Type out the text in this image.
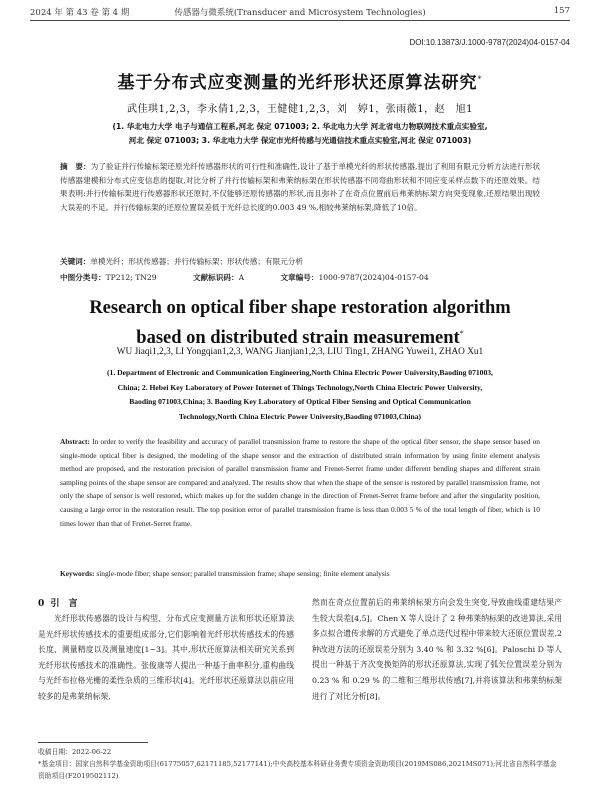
2024 年 第 43 卷 第 4 期	传感器与微系统(Transducer and Microsystem Technologies)	157
DOI:10.13873/J.1000-9787(2024)04-0157-04
基于分布式应变测量的光纤形状还原算法研究*
武佳琪1,2,3，李永倩1,2,3，王健健1,2,3，刘　婷1，张雨薇1，赵　旭1
(1. 华北电力大学 电子与通信工程系,河北 保定 071003; 2. 华北电力大学 河北省电力物联网技术重点实验室,
河北 保定 071003; 3. 华北电力大学 保定市光纤传感与光通信技术重点实验室,河北 保定 071003)
摘　要：为了验证并行传输标架还原光纤传感器形状的可行性和准确性,设计了基于单模光纤的形状传感器,提出了利用有限元分析方法进行形状传感器建模和分布式应变信息的提取,对比分析了并行传输标架和弗莱纳标架在形状传感器不同弯曲形状和不同应变采样点数下的还原效果。结果表明:并行传输标架进行传感器形状还原时,不仅能够还原传感器的形状,而且弥补了在奇点位置前后弗莱纳标架方向突变现象,还原结果出现较大误差的不足。并行传输标架的还原位置误差低于光纤总长度的0.003 49 %,相较弗莱纳标架,降低了10倍。
关键词：单模光纤；形状传感器；并行传输标架；形状传感；有限元分析
中图分类号：TP212; TN29	文献标识码：A	文章编号：1000-9787(2024)04-0157-04
Research on optical fiber shape restoration algorithm
based on distributed strain measurement*
WU Jiaqi1,2,3, LI Yongqian1,2,3, WANG Jianjian1,2,3, LIU Ting1, ZHANG Yuwei1, ZHAO Xu1
(1. Department of Electronic and Communication Engineering,North China Electric Power University,Baoding 071003,
China; 2. Hebei Key Laboratory of Power Internet of Things Technology,North China Electric Power University,
Baoding 071003,China; 3. Baoding Key Laboratory of Optical Fiber Sensing and Optical Communication
Technology,North China Electric Power University,Baoding 071003,China)
Abstract: In order to verify the feasibility and accuracy of parallel transmission frame to restore the shape of the optical fiber sensor, the shape sensor based on single-mode optical fiber is designed, the modeling of the shape sensor and the extraction of distributed strain information by using finite element analysis method are proposed, and the restoration precision of parallel transmission frame and Frenet-Serret frame under different bending shapes and different strain sampling points of the shape sensor are compared and analyzed. The results show that when the shape of the sensor is restored by parallel transmission frame, not only the shape of sensor is well restored, which makes up for the sudden change in the direction of Frenet-Serret frame before and after the singularity position, causing a large error in the restoration result. The top position error of parallel transmission frame is less than 0.003 5 % of the total length of fiber, which is 10 times lower than that of Frenet-Serret frame.
Keywords: single-mode fiber; shape sensor; parallel transmission frame; shape sensing; finite element analysis
0 引　言
光纤形状传感器的设计与构型、分布式应变测量方法和形状还原算法是光纤形状传感技术的重要组成部分,它们影响着光纤形状传感技术的传感长度、测量精度以及测量速度[1~3]。其中,形状还原算法相关研究关系到光纤形状传感技术的准确性。张俊康等人提出一种基于曲率积分,重构曲线与光纤布拉格光栅的柔性杂质的三维形状[4]。光纤形状还原算法以前应用较多的是弗莱纳标架,
然而在奇点位置前后的弗莱纳标架方向会发生突变,导致曲线重建结果产生较大误差[4,5]。Chen X 等人设计了 2 种弗莱纳标架的改进算法,采用多点拟合遗传求解的方式避免了单点迭代过程中带来较大还原位置误差,2 种改进方法的还原误差分别为 3.40 % 和 3.32 %[6]。Paloschi D 等人提出一种基于齐次变换矩阵的形状还原算法,实现了弧矢位置误差分别为 0.23 % 和 0.29 % 的二维和三维形状传感[7],并将该算法和弗莱纳标架进行了对比分析[8]。
收稿日期：2022-06-22
*基金项目：国家自然科学基金资助项目(61775057,62171185,52177141);中央高校基本科研业务费专项资金资助项目(2019MS086,2021MS071);河北省自然科学基金资助项目(F2019502112)
